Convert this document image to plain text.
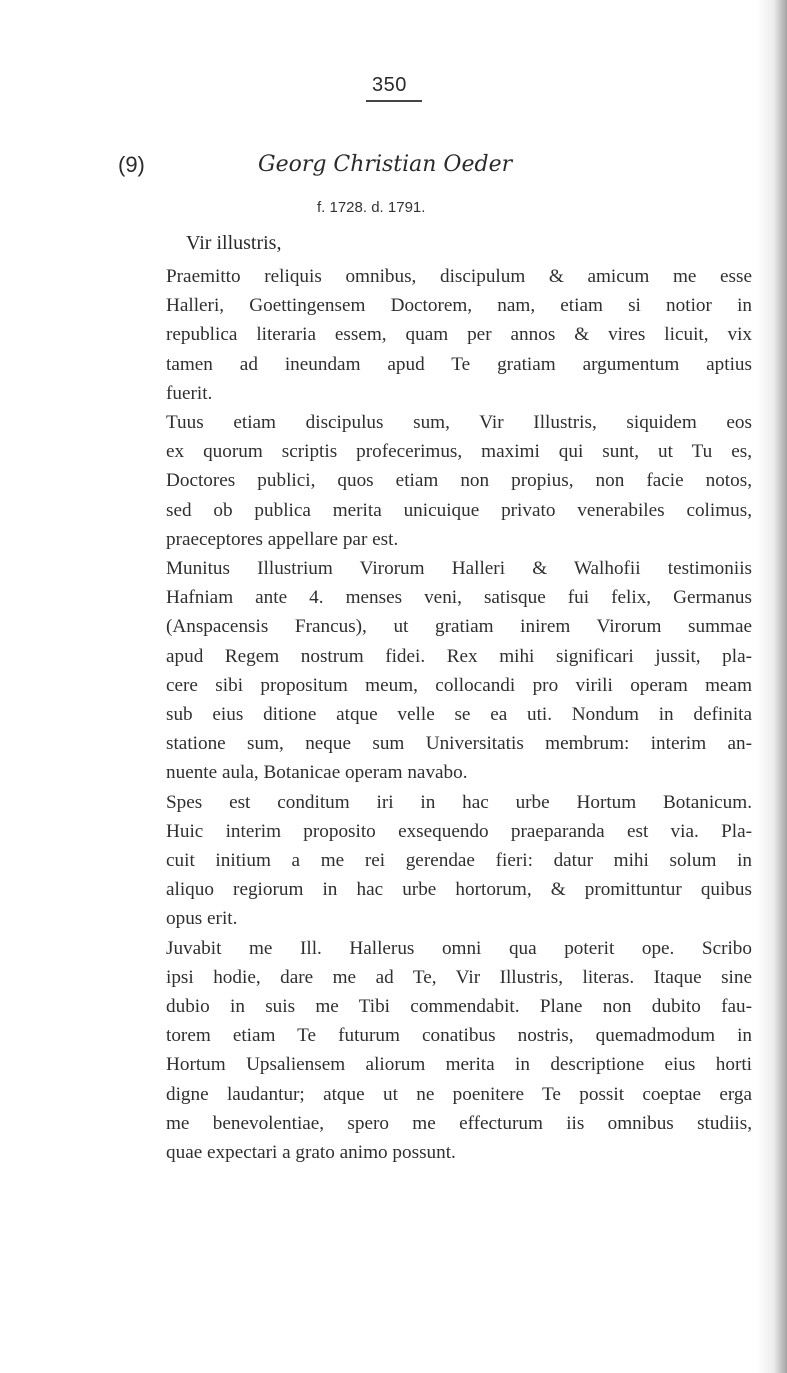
350
(9)	Georg Christian Oeder
f. 1728. d. 1791.
Vir illustris,

Praemitto reliquis omnibus, discipulum & amicum me esse
Halleri, Goettingensem Doctorem, nam, etiam si notior in
republica literaria essem, quam per annos & vires licuit, vix
tamen ad ineundam apud Te gratiam argumentum aptius
fuerit.

Tuus etiam discipulus sum, Vir Illustris, siquidem eos
ex quorum scriptis profecerimus, maximi qui sunt, ut Tu es,
Doctores publici, quos etiam non propius, non facie notos,
sed ob publica merita unicuique privato venerabiles colimus,
praeceptores appellare par est.

Munitus Illustrium Virorum Halleri & Walhofii testimoniis
Hafniam ante 4. menses veni, satisque fui felix, Germanus
(Anspacensis Francus), ut gratiam inirem Virorum summae
apud Regem nostrum fidei. Rex mihi significari jussit, pla-
cere sibi propositum meum, collocandi pro virili operam meam
sub eius ditione atque velle se ea uti. Nondum in definita
statione sum, neque sum Universitatis membrum: interim an-
nuente aula, Botanicae operam navabo.

Spes est conditum iri in hac urbe Hortum Botanicum.
Huic interim proposito exsequendo praeparanda est via. Pla-
cuit initium a me rei gerendae fieri: datur mihi solum in
aliquo regiorum in hac urbe hortorum, & promittuntur quibus
opus erit.

Juvabit me Ill. Hallerus omni qua poterit ope. Scribo
ipsi hodie, dare me ad Te, Vir Illustris, literas. Itaque sine
dubio in suis me Tibi commendabit. Plane non dubito fau-
torem etiam Te futurum conatibus nostris, quemadmodum in
Hortum Upsaliensem aliorum merita in descriptione eius horti
digne laudantur; atque ut ne poenitere Te possit coeptae erga
me benevolentiae, spero me effecturum iis omnibus studiis,
quae expectari a grato animo possunt.
